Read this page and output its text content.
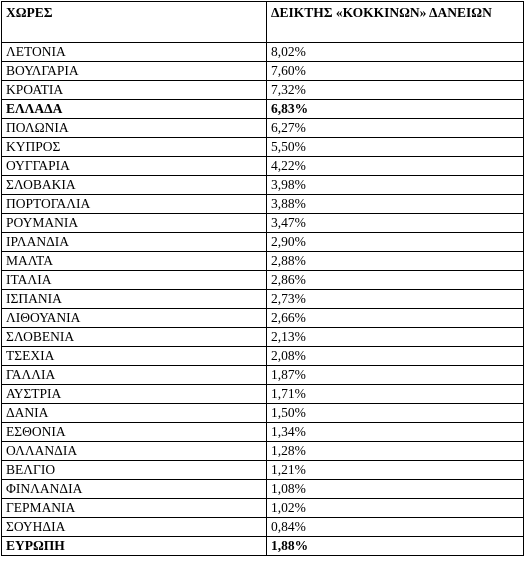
ΧΩΡΕΣ	ΔΕΙΚΤΗΣ «ΚΟΚΚΙΝΩΝ» ΔΑΝΕΙΩΝ
ΛΕΤΟΝΙΑ	8,02%
ΒΟΥΛΓΑΡΙΑ	7,60%
ΚΡΟΑΤΙΑ	7,32%
ΕΛΛΑΔΑ	6,83%
ΠΟΛΩΝΙΑ	6,27%
ΚΥΠΡΟΣ	5,50%
ΟΥΓΓΑΡΙΑ	4,22%
ΣΛΟΒΑΚΙΑ	3,98%
ΠΟΡΤΟΓΑΛΙΑ	3,88%
ΡΟΥΜΑΝΙΑ	3,47%
ΙΡΛΑΝΔΙΑ	2,90%
ΜΑΛΤΑ	2,88%
ΙΤΑΛΙΑ	2,86%
ΙΣΠΑΝΙΑ	2,73%
ΛΙΘΟΥΑΝΙΑ	2,66%
ΣΛΟΒΕΝΙΑ	2,13%
ΤΣΕΧΙΑ	2,08%
ΓΑΛΛΙΑ	1,87%
ΑΥΣΤΡΙΑ	1,71%
ΔΑΝΙΑ	1,50%
ΕΣΘΟΝΙΑ	1,34%
ΟΛΛΑΝΔΙΑ	1,28%
ΒΕΛΓΙΟ	1,21%
ΦΙΝΛΑΝΔΙΑ	1,08%
ΓΕΡΜΑΝΙΑ	1,02%
ΣΟΥΗΔΙΑ	0,84%
ΕΥΡΩΠΗ	1,88%
